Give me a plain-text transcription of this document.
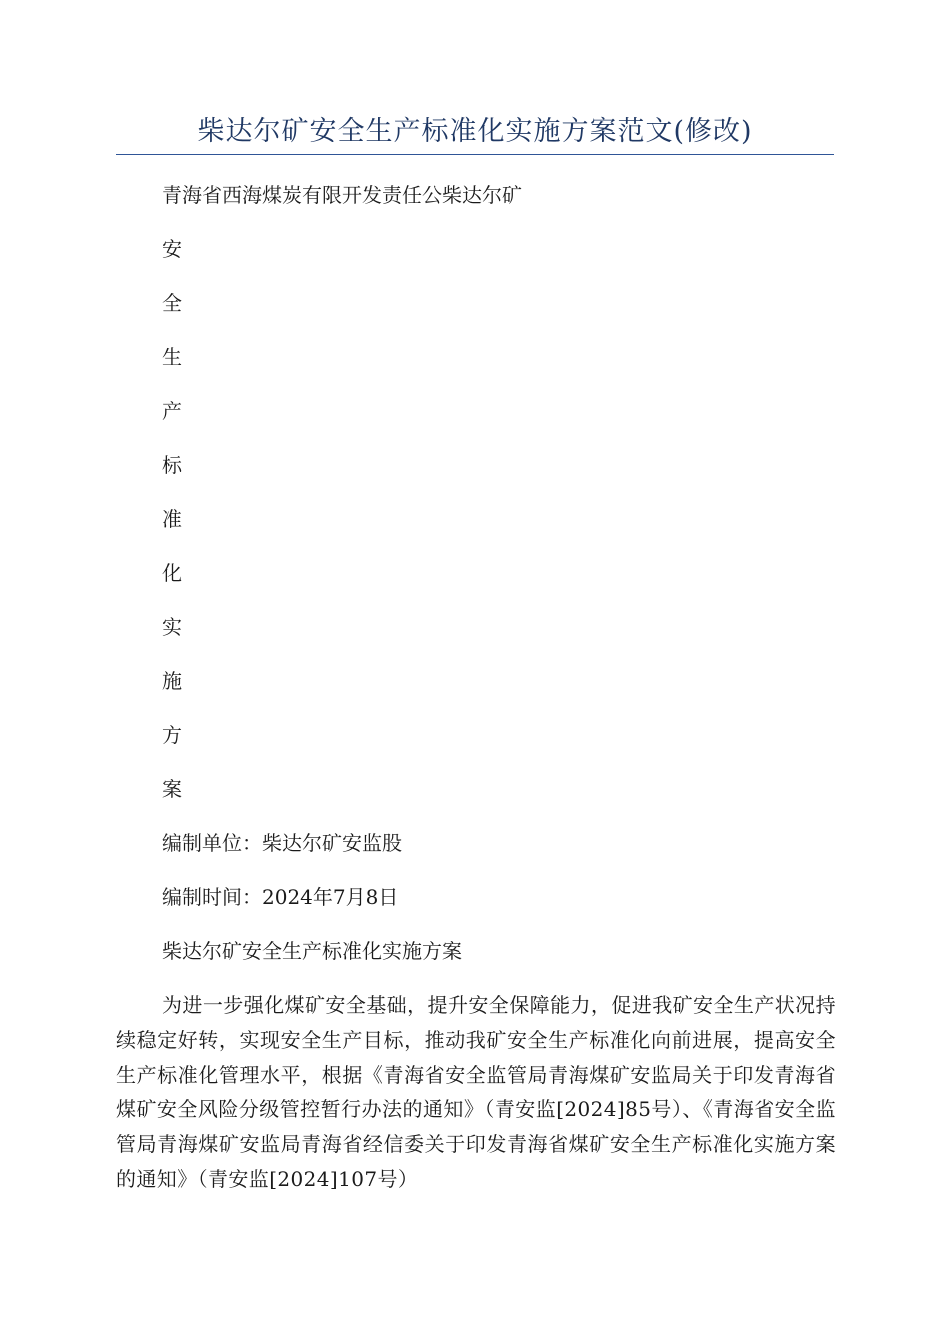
柴达尔矿安全生产标准化实施方案范文(修改)
青海省西海煤炭有限开发责任公柴达尔矿
安
全
生
产
标
准
化
实
施
方
案
编制单位：柴达尔矿安监股
编制时间：2024年7月8日
柴达尔矿安全生产标准化实施方案
为进一步强化煤矿安全基础，提升安全保障能力，促进我矿安全生产状况持续稳定好转，实现安全生产目标，推动我矿安全生产标准化向前进展，提高安全生产标准化管理水平，根据《青海省安全监管局青海煤矿安监局关于印发青海省煤矿安全风险分级管控暂行办法的通知》（青安监[2024]85号）、《青海省安全监管局青海煤矿安监局青海省经信委关于印发青海省煤矿安全生产标准化实施方案的通知》（青安监[2024]107号）
